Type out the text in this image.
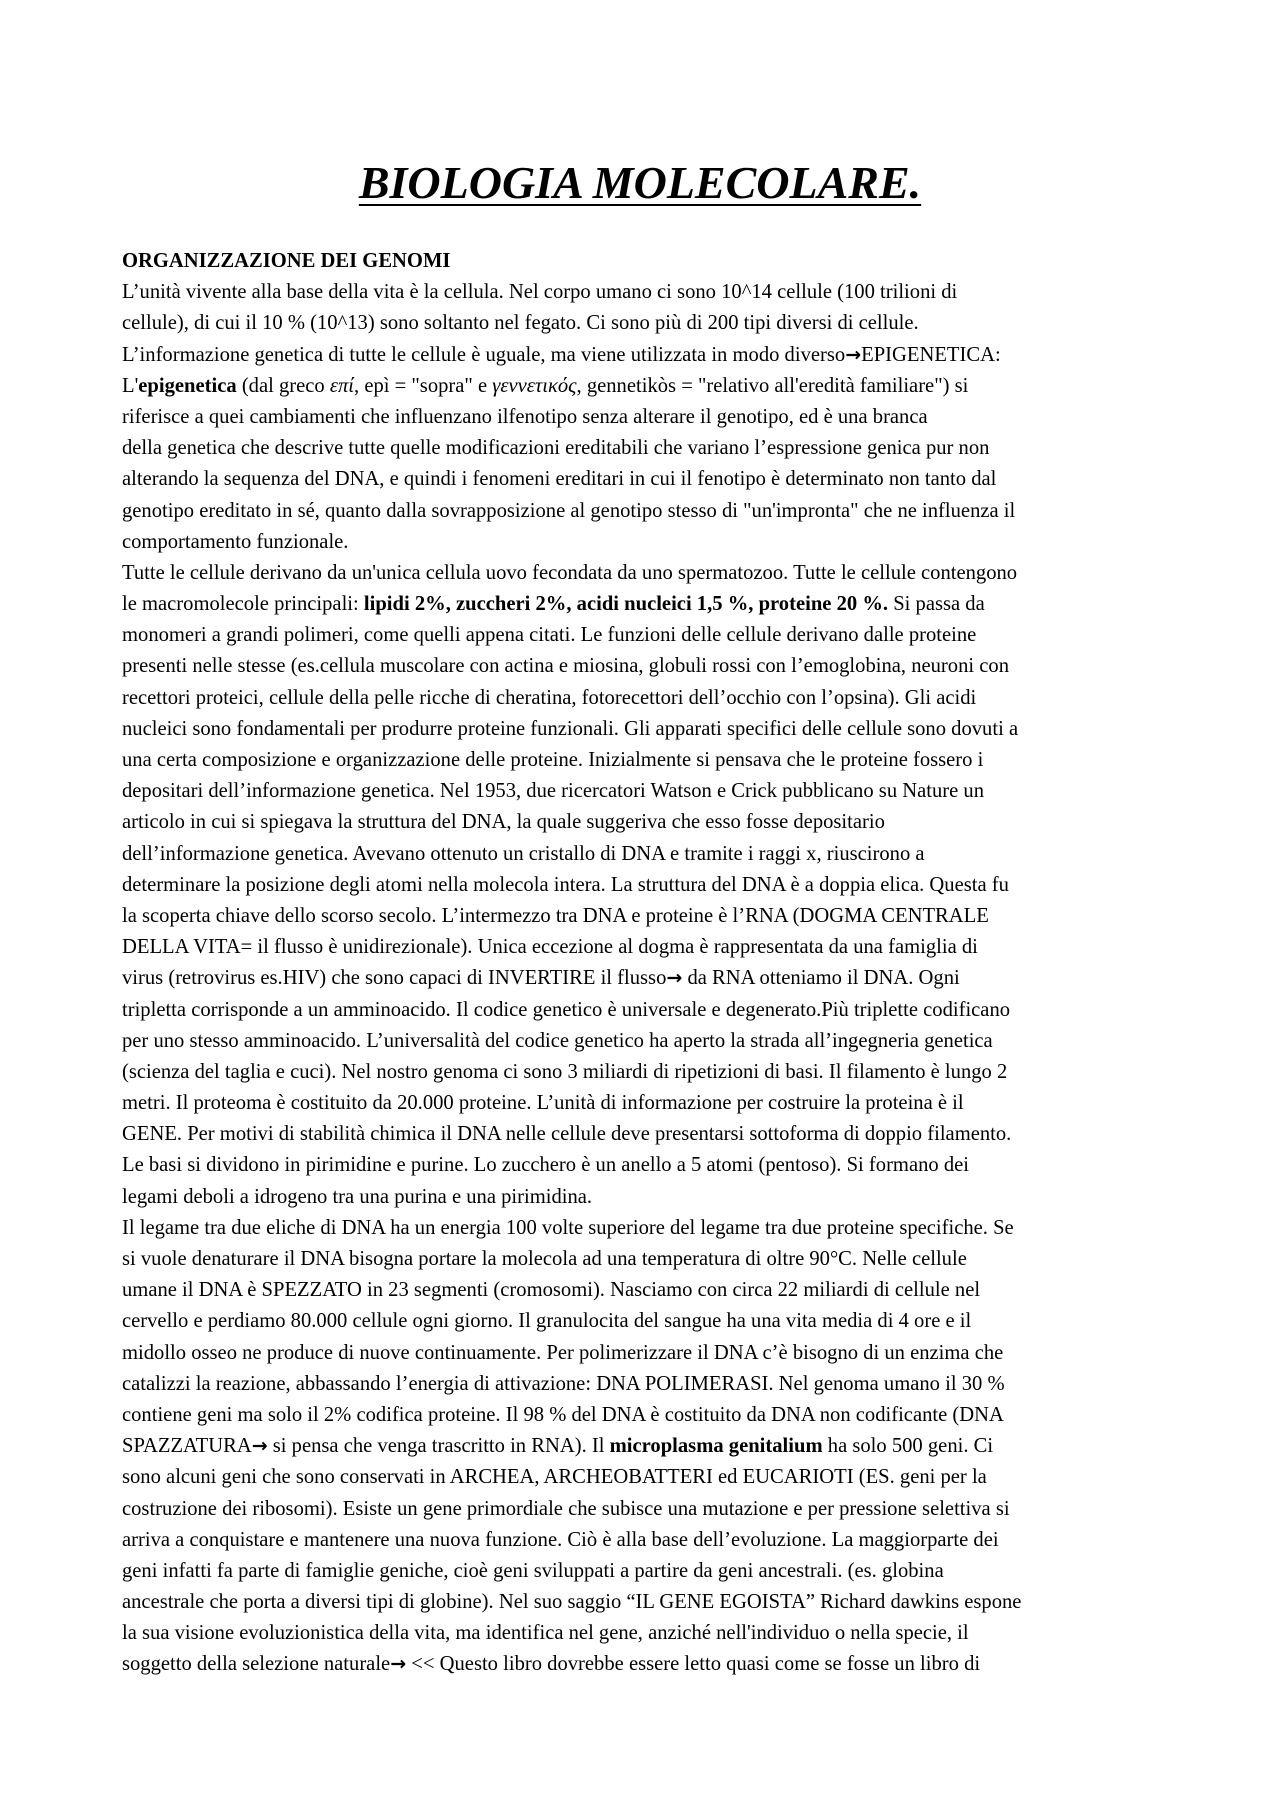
BIOLOGIA MOLECOLARE.
ORGANIZZAZIONE DEI GENOMI
L’unità vivente alla base della vita è la cellula. Nel corpo umano ci sono 10^14 cellule (100 trilioni di
cellule), di cui il 10 % (10^13) sono soltanto nel fegato. Ci sono più di 200 tipi diversi di cellule.
L’informazione genetica di tutte le cellule è uguale, ma viene utilizzata in modo diverso→EPIGENETICA:
L'epigenetica (dal greco επί, epì = "sopra" e γεννετικός, gennetikòs = "relativo all'eredità familiare") si
riferisce a quei cambiamenti che influenzano ilfenotipo senza alterare il genotipo, ed è una branca
della genetica che descrive tutte quelle modificazioni ereditabili che variano l’espressione genica pur non
alterando la sequenza del DNA, e quindi i fenomeni ereditari in cui il fenotipo è determinato non tanto dal
genotipo ereditato in sé, quanto dalla sovrapposizione al genotipo stesso di "un'impronta" che ne influenza il
comportamento funzionale.
Tutte le cellule derivano da un'unica cellula uovo fecondata da uno spermatozoo. Tutte le cellule contengono
le macromolecole principali: lipidi 2%, zuccheri 2%, acidi nucleici 1,5 %, proteine 20 %. Si passa da
monomeri a grandi polimeri, come quelli appena citati. Le funzioni delle cellule derivano dalle proteine
presenti nelle stesse (es.cellula muscolare con actina e miosina, globuli rossi con l’emoglobina, neuroni con
recettori proteici, cellule della pelle ricche di cheratina, fotorecettori dell’occhio con l’opsina). Gli acidi
nucleici sono fondamentali per produrre proteine funzionali. Gli apparati specifici delle cellule sono dovuti a
una certa composizione e organizzazione delle proteine. Inizialmente si pensava che le proteine fossero i
depositari dell’informazione genetica. Nel 1953, due ricercatori Watson e Crick pubblicano su Nature un
articolo in cui si spiegava la struttura del DNA, la quale suggeriva che esso fosse depositario
dell’informazione genetica. Avevano ottenuto un cristallo di DNA e tramite i raggi x, riuscirono a
determinare la posizione degli atomi nella molecola intera. La struttura del DNA è a doppia elica. Questa fu
la scoperta chiave dello scorso secolo. L’intermezzo tra DNA e proteine è l’RNA (DOGMA CENTRALE
DELLA VITA= il flusso è unidirezionale). Unica eccezione al dogma è rappresentata da una famiglia di
virus (retrovirus es.HIV) che sono capaci di INVERTIRE il flusso→ da RNA otteniamo il DNA. Ogni
tripletta corrisponde a un amminoacido. Il codice genetico è universale e degenerato.Più triplette codificano
per uno stesso amminoacido. L’universalità del codice genetico ha aperto la strada all’ingegneria genetica
(scienza del taglia e cuci). Nel nostro genoma ci sono 3 miliardi di ripetizioni di basi. Il filamento è lungo 2
metri. Il proteoma è costituito da 20.000 proteine. L’unità di informazione per costruire la proteina è il
GENE. Per motivi di stabilità chimica il DNA nelle cellule deve presentarsi sottoforma di doppio filamento.
Le basi si dividono in pirimidine e purine. Lo zucchero è un anello a 5 atomi (pentoso). Si formano dei
legami deboli a idrogeno tra una purina e una pirimidina.
Il legame tra due eliche di DNA ha un energia 100 volte superiore del legame tra due proteine specifiche. Se
si vuole denaturare il DNA bisogna portare la molecola ad una temperatura di oltre 90°C. Nelle cellule
umane il DNA è SPEZZATO in 23 segmenti (cromosomi). Nasciamo con circa 22 miliardi di cellule nel
cervello e perdiamo 80.000 cellule ogni giorno. Il granulocita del sangue ha una vita media di 4 ore e il
midollo osseo ne produce di nuove continuamente. Per polimerizzare il DNA c’è bisogno di un enzima che
catalizzi la reazione, abbassando l’energia di attivazione: DNA POLIMERASI. Nel genoma umano il 30 %
contiene geni ma solo il 2% codifica proteine. Il 98 % del DNA è costituito da DNA non codificante (DNA
SPAZZATURA→ si pensa che venga trascritto in RNA). Il microplasma genitalium ha solo 500 geni. Ci
sono alcuni geni che sono conservati in ARCHEA, ARCHEOBATTERI ed EUCARIOTI (ES. geni per la
costruzione dei ribosomi). Esiste un gene primordiale che subisce una mutazione e per pressione selettiva si
arriva a conquistare e mantenere una nuova funzione. Ciò è alla base dell’evoluzione. La maggiorparte dei
geni infatti fa parte di famiglie geniche, cioè geni sviluppati a partire da geni ancestrali. (es. globina
ancestrale che porta a diversi tipi di globine). Nel suo saggio “IL GENE EGOISTA” Richard dawkins espone
la sua visione evoluzionistica della vita, ma identifica nel gene, anziché nell'individuo o nella specie, il
soggetto della selezione naturale→ << Questo libro dovrebbe essere letto quasi come se fosse un libro di
